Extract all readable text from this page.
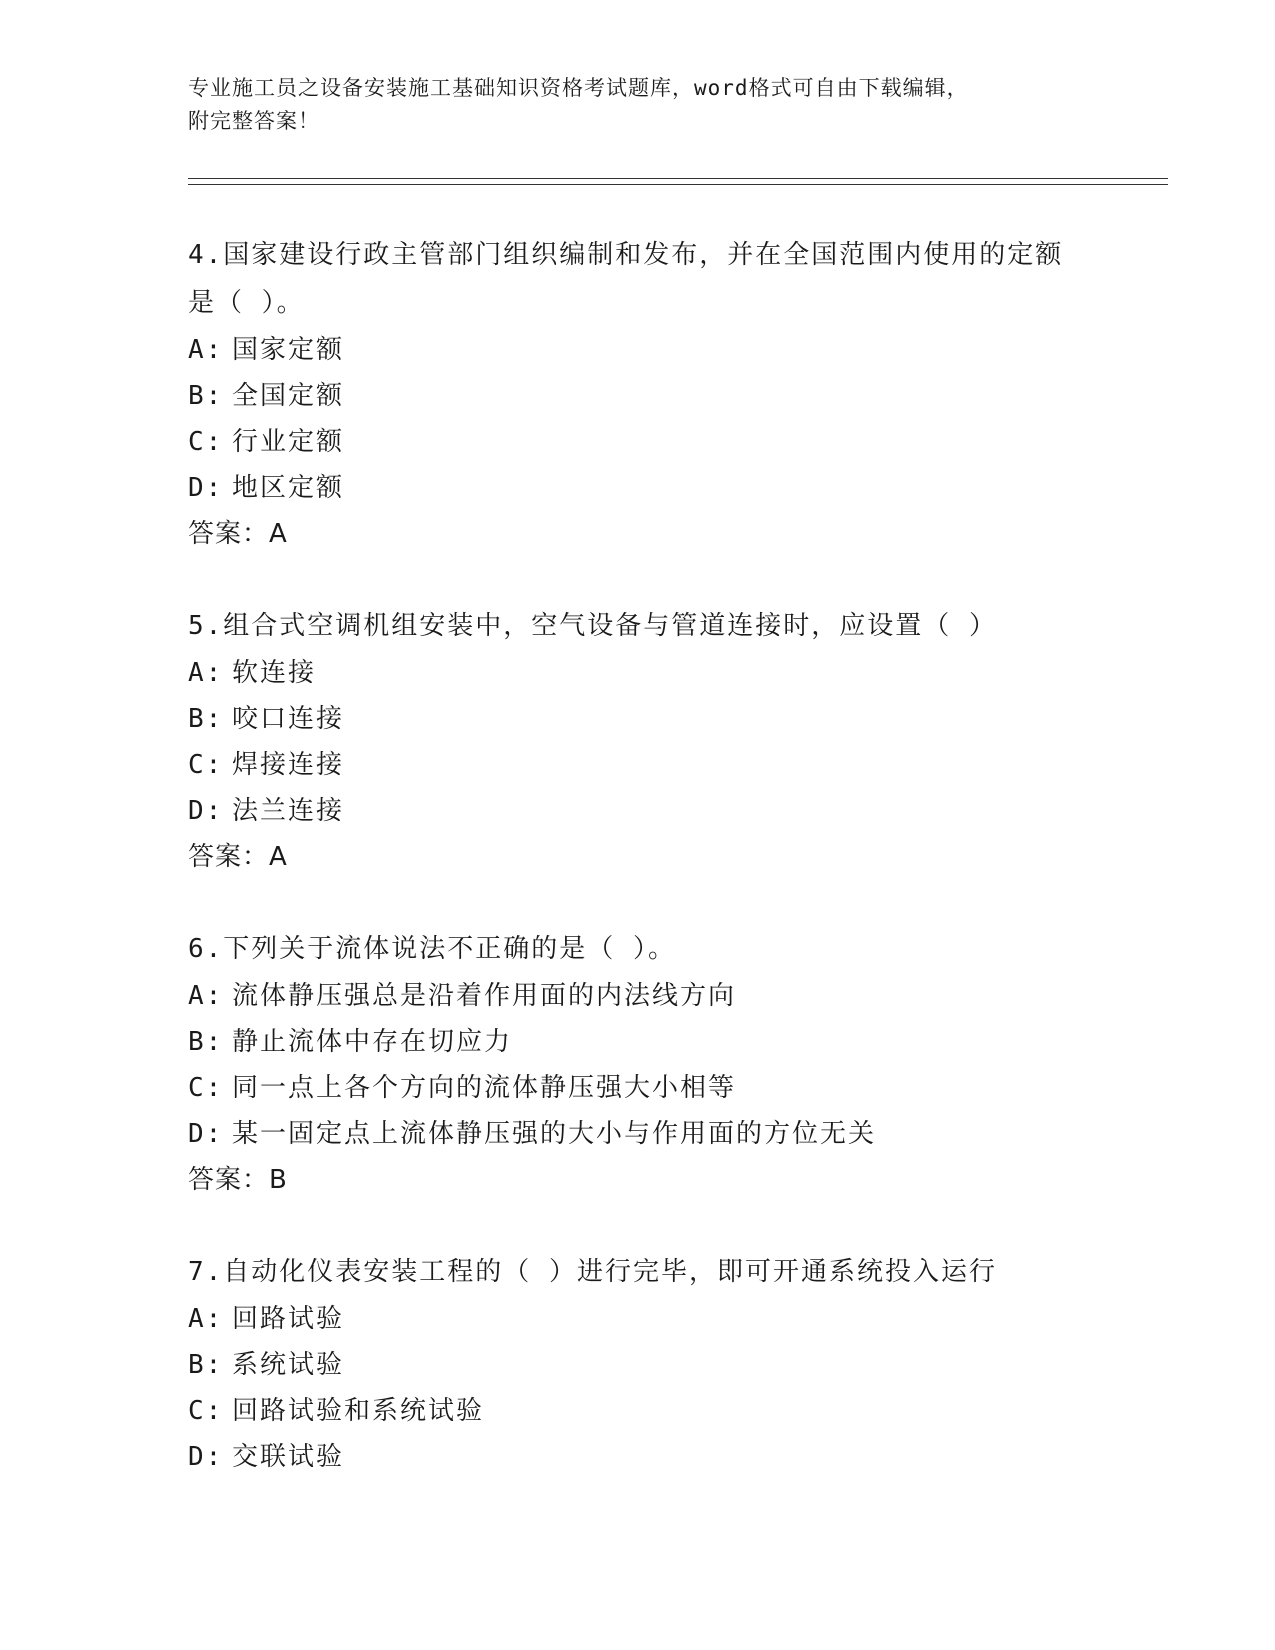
专业施工员之设备安装施工基础知识资格考试题库，word格式可自由下载编辑，

附完整答案！

4.国家建设行政主管部门组织编制和发布，并在全国范围内使用的定额是（ ）。

A: 国家定额

B: 全国定额

C: 行业定额

D: 地区定额

答案：A

5.组合式空调机组安装中，空气设备与管道连接时，应设置（ ）

A: 软连接

B: 咬口连接

C: 焊接连接

D: 法兰连接

答案：A

6.下列关于流体说法不正确的是（ ）。

A: 流体静压强总是沿着作用面的内法线方向

B: 静止流体中存在切应力

C: 同一点上各个方向的流体静压强大小相等

D: 某一固定点上流体静压强的大小与作用面的方位无关

答案：B

7.自动化仪表安装工程的（ ）进行完毕，即可开通系统投入运行

A: 回路试验

B: 系统试验

C: 回路试验和系统试验

D: 交联试验
